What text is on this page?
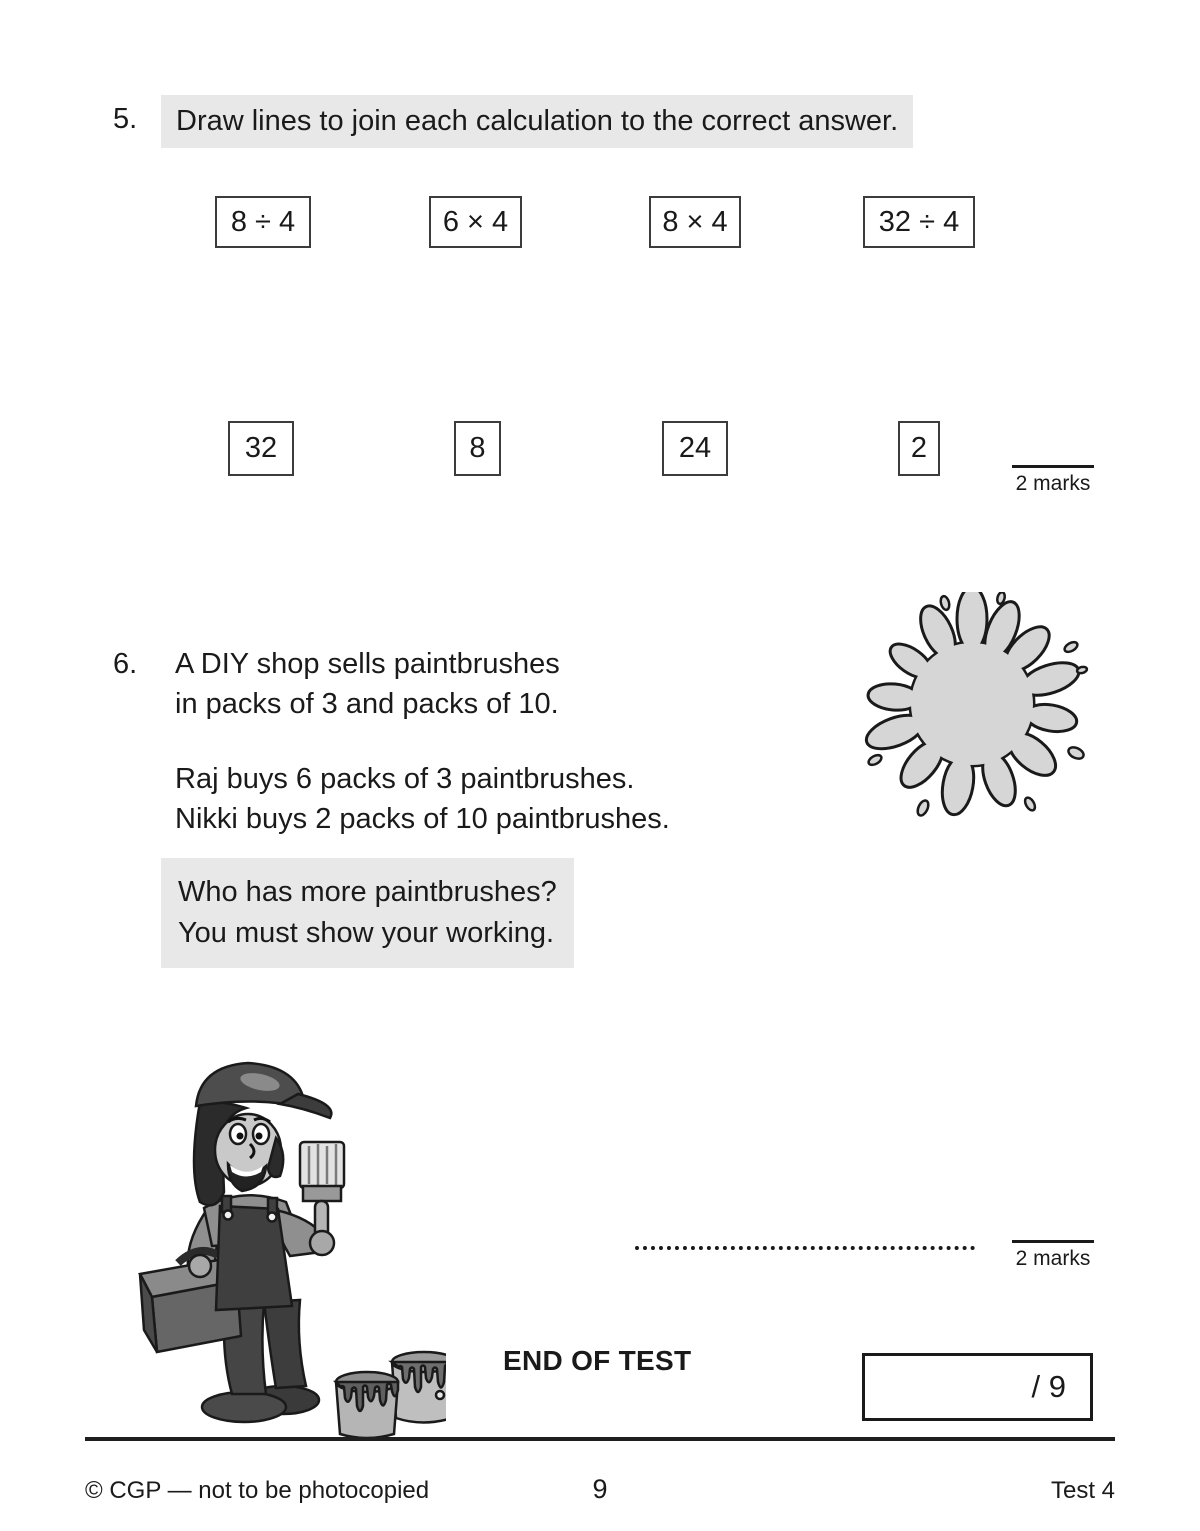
5.	Draw lines to join each calculation to the correct answer.
8 ÷ 4	6 × 4	8 × 4	32 ÷ 4
32	8	24	2
2 marks
6. A DIY shop sells paintbrushes
in packs of 3 and packs of 10.
Raj buys 6 packs of 3 paintbrushes.
Nikki buys 2 packs of 10 paintbrushes.
Who has more paintbrushes?
You must show your working.
2 marks
END OF TEST
/ 9
© CGP — not to be photocopied	9	Test 4
